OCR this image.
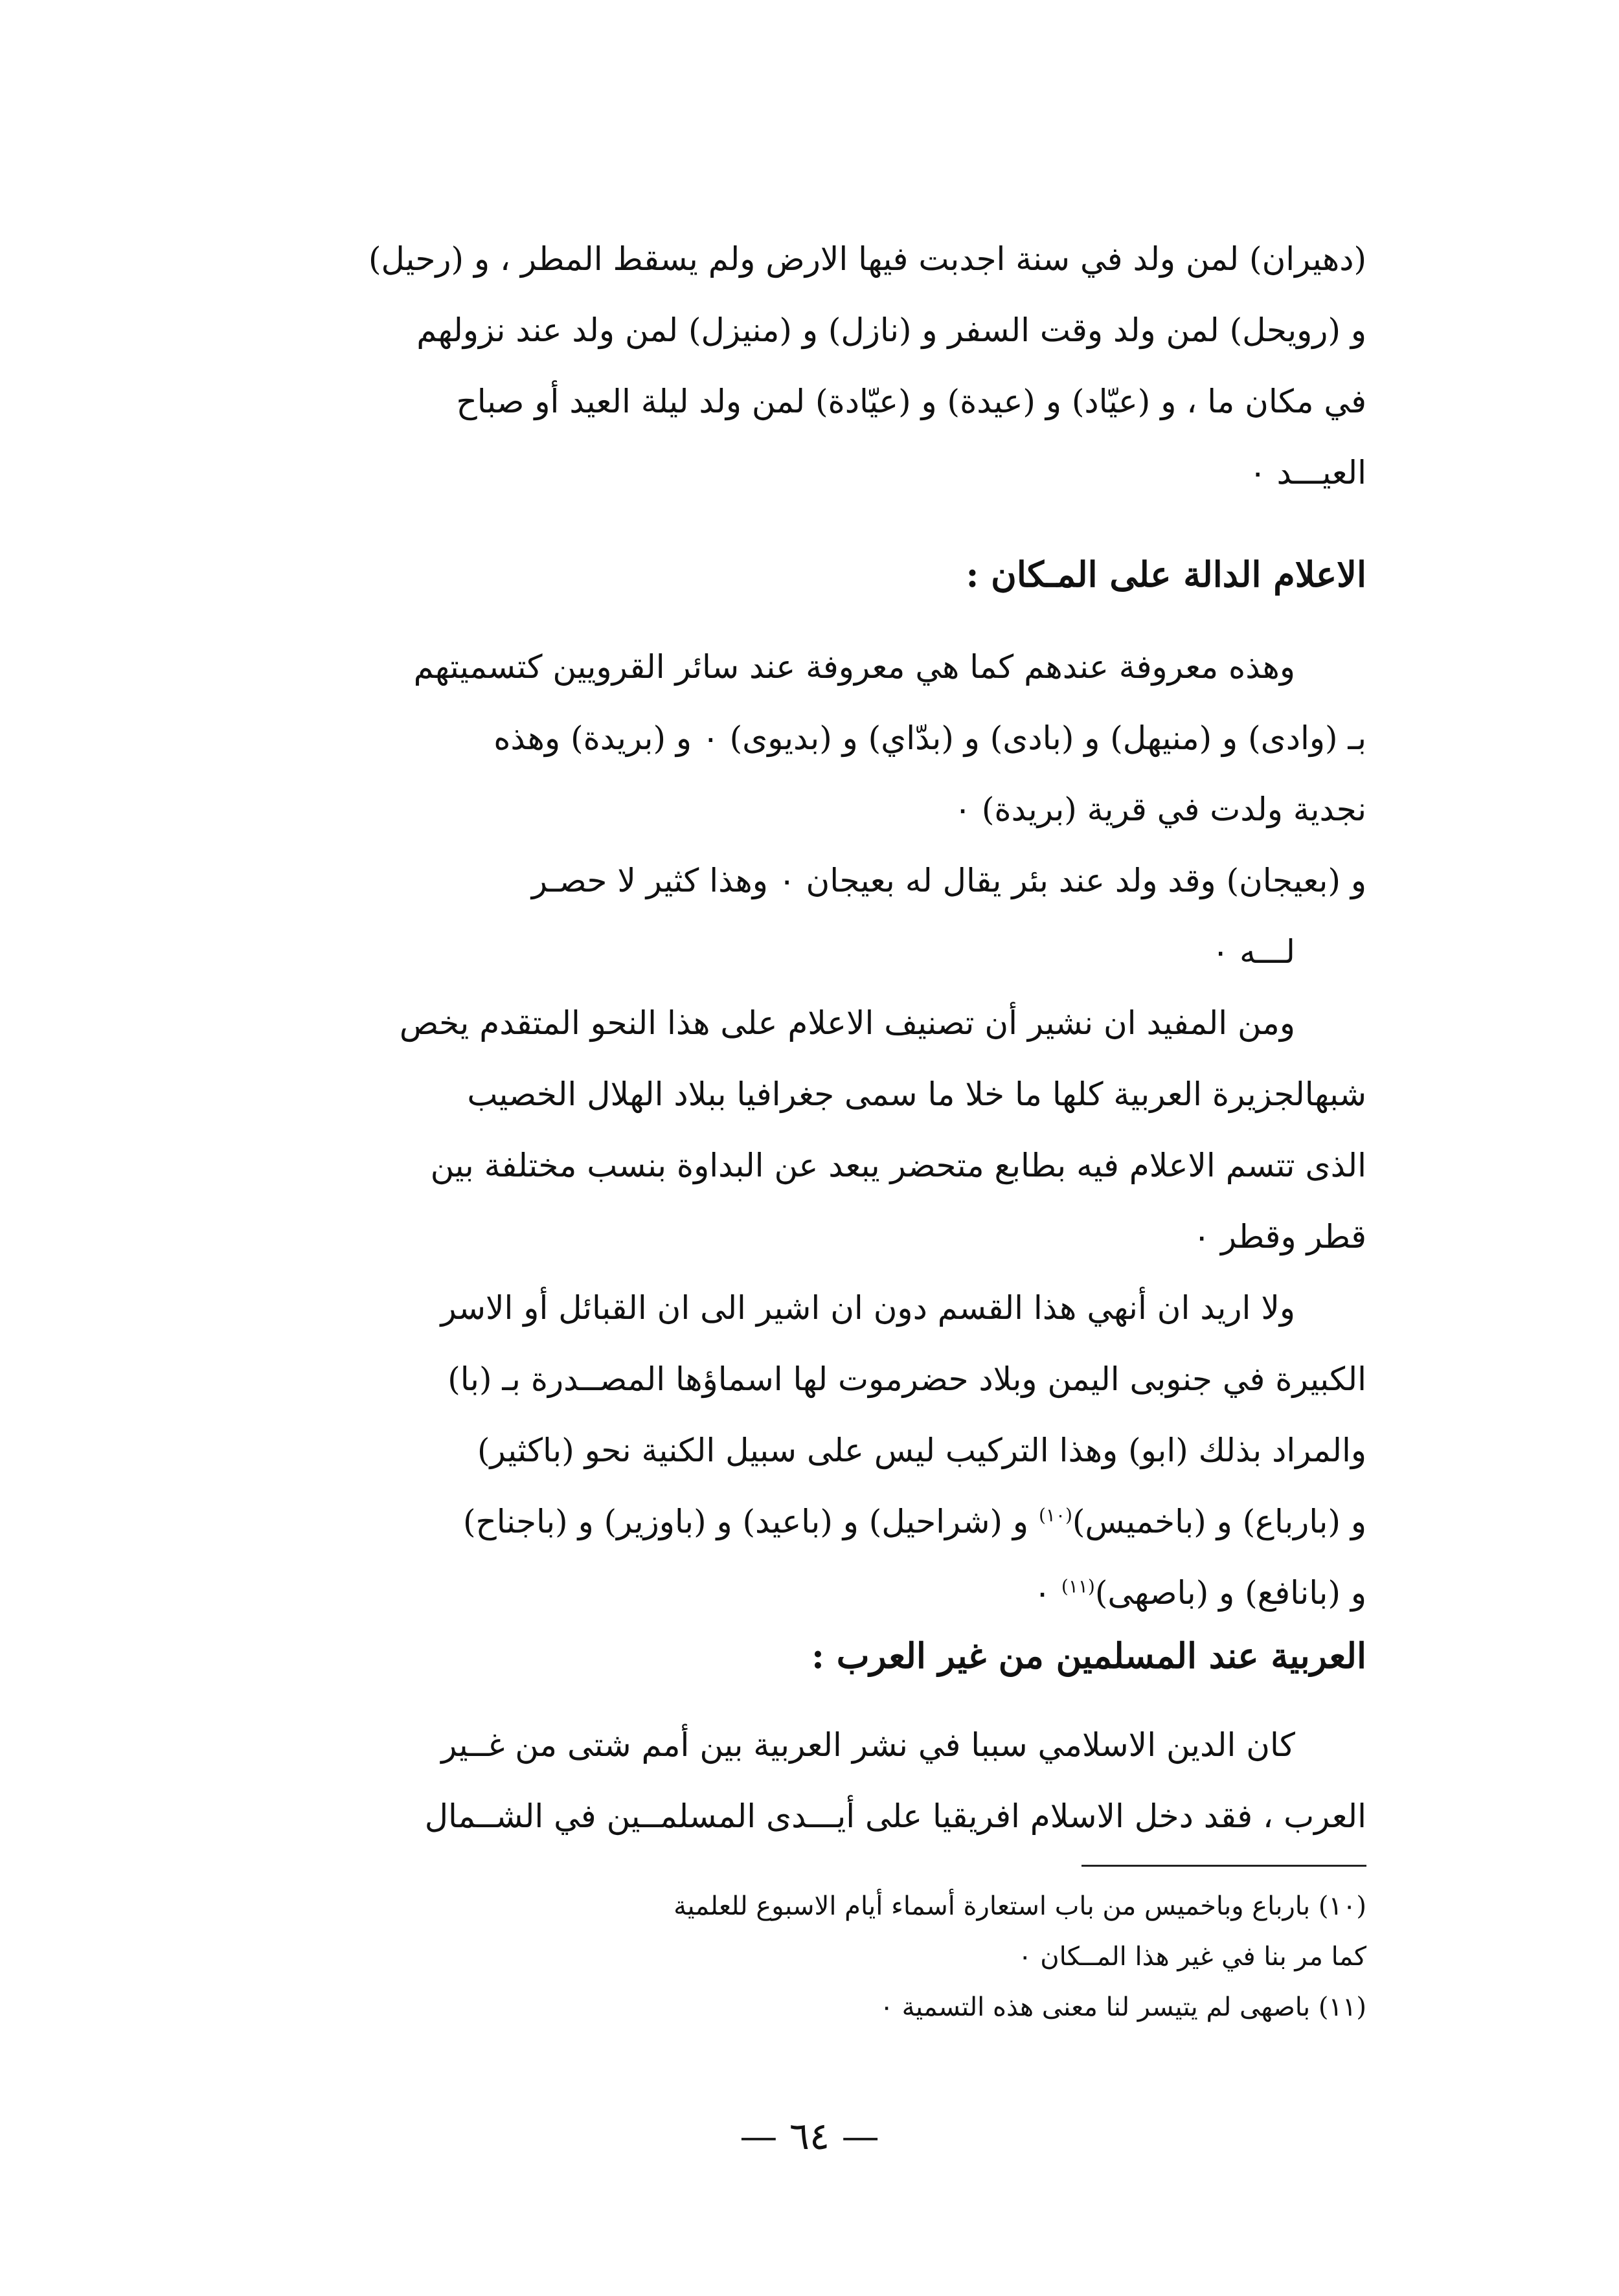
(دهيران) لمن ولد في سنة اجدبت فيها الارض ولم يسقط المطر ، و (رحيل)

و (رويحل) لمن ولد وقت السفر و (نازل) و (منيزل) لمن ولد عند نزولهم

في مكان ما ، و (عيّاد) و (عيدة) و (عيّادة) لمن ولد ليلة العيد أو صباح

العيـــد ٠

الاعلام الدالة على المـكان :

وهذه معروفة عندهم كما هي معروفة عند سائر القرويين كتسميتهم

بـ (وادى) و (منيهل) و (بادى) و (بدّاي) و (بديوى) ٠ و (بريدة) وهذه

نجدية ولدت في قرية (بريدة) ٠

و (بعيجان) وقد ولد عند بئر يقال له بعيجان ٠ وهذا كثير لا حصـر

لـــه ٠

ومن المفيد ان نشير أن تصنيف الاعلام على هذا النحو المتقدم يخص

شبهالجزيرة العربية كلها ما خلا ما سمى جغرافيا ببلاد الهلال الخصيب

الذى تتسم الاعلام فيه بطابع متحضر يبعد عن البداوة بنسب مختلفة بين

قطر وقطر ٠

ولا اريد ان أنهي هذا القسم دون ان اشير الى ان القبائل أو الاسر

الكبيرة في جنوبى اليمن وبلاد حضرموت لها اسماؤها المصــدرة بـ (با)

والمراد بذلك (ابو) وهذا التركيب ليس على سبيل الكنية نحو (باكثير)

و (بارباع) و (باخميس)$^{(١٠)}$ و (شراحيل) و (باعيد) و (باوزير) و (باجناح)

و (بانافع) و (باصهى)$^{(١١)}$ ٠

العربية عند المسلمين من غير العرب :

كان الدين الاسلامي سببا في نشر العربية بين أمم شتى من غــير

العرب ، فقد دخل الاسلام افريقيا على أيـــدى المسلمــين في الشــمال

(١٠) بارباع وباخميس من باب استعارة أسماء أيام الاسبوع للعلمية

كما مر بنا في غير هذا المــكان ٠

(١١) باصهى لم يتيسر لنا معنى هذه التسمية ٠

— ٦٤ —
